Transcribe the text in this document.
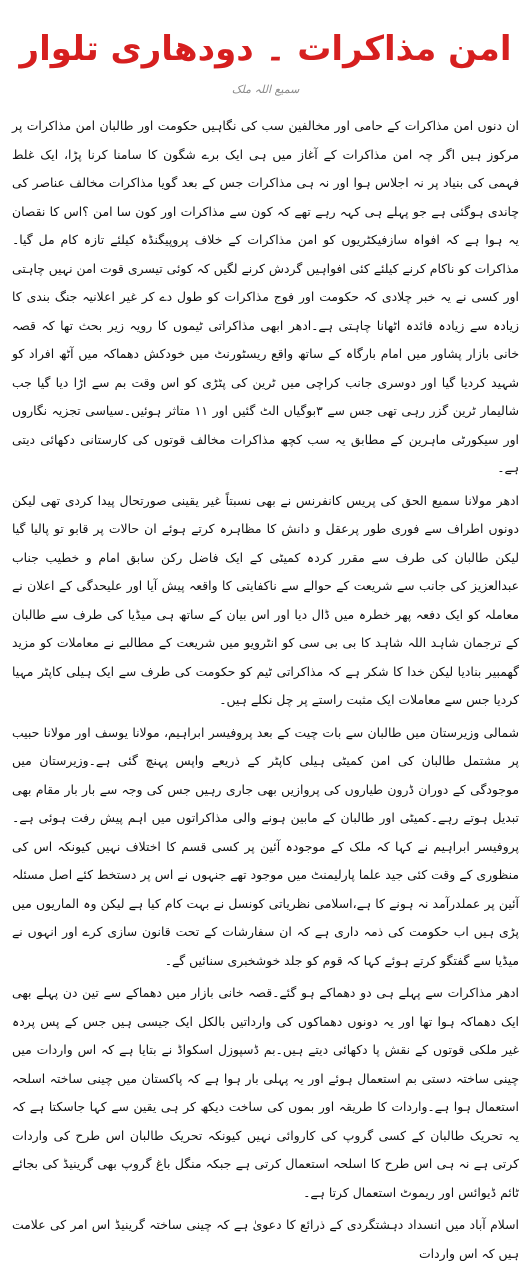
امن مذاکرات ۔ دودھاری تلوار
سمیع اللہ ملک

ان دنوں امن مذاکرات کے حامی اور مخالفین سب کی نگاہیں حکومت اور طالبان امن مذاکرات پر مرکوز ہیں اگر چہ امن مذاکرات کے آغاز میں ہی ایک برے شگون کا سامنا کرنا پڑا، ایک غلط فہمی کی بنیاد پر نہ اجلاس ہوا اور نہ ہی مذاکرات جس کے بعد گویا مذاکرات مخالف عناصر کی چاندی ہوگئی ہے جو پہلے ہی کہہ رہے تھے کہ کون سے مذاکرات اور کون سا امن ؟اس کا نقصان یہ ہوا ہے کہ افواہ سازفیکٹریوں کو امن مذاکرات کے خلاف پروپیگنڈہ کیلئے تازہ کام مل گیا۔مذاکرات کو ناکام کرنے کیلئے کئی افواہیں گردش کرنے لگیں کہ کوئی تیسری قوت امن نہیں چاہتی اور کسی نے یہ خبر چلادی کہ حکومت اور فوج مذاکرات کو طول دے کر غیر اعلانیہ جنگ بندی کا زیادہ سے زیادہ فائدہ اٹھانا چاہتی ہے۔ادھر ابھی مذاکراتی ٹیموں کا رویہ زیر بحث تھا کہ قصہ خانی بازار پشاور میں امام بارگاہ کے ساتھ واقع ریسٹورنٹ میں خودکش دھماکہ میں آٹھ افراد کو شہید کردیا گیا اور دوسری جانب کراچی میں ٹرین کی پٹڑی کو اس وقت بم سے اڑا دیا گیا جب شالیمار ٹرین گزر رہی تھی جس سے ۳بوگیاں الٹ گئیں اور ۱۱ متاثر ہوئیں۔سیاسی تجزیہ نگاروں اور سیکورٹی ماہرین کے مطابق یہ سب کچھ مذاکرات مخالف قوتوں کی کارستانی دکھائی دیتی ہے۔

ادھر مولانا سمیع الحق کی پریس کانفرنس نے بھی نسبتاً غیر یقینی صورتحال پیدا کردی تھی لیکن دونوں اطراف سے فوری طور پرعقل و دانش کا مظاہرہ کرتے ہوئے ان حالات پر قابو تو پالیا گیا لیکن طالبان کی طرف سے مقرر کردہ کمیٹی کے ایک فاضل رکن سابق امام و خطیب جناب عبدالعزیز کی جانب سے شریعت کے حوالے سے ناکفایتی کا واقعہ پیش آیا اور علیحدگی کے اعلان نے معاملہ کو ایک دفعہ پھر خطرہ میں ڈال دیا اور اس بیان کے ساتھ ہی میڈیا کی طرف سے طالبان کے ترجمان شاہد اللہ شاہد کا بی بی سی کو انٹرویو میں شریعت کے مطالبے نے معاملات کو مزید گھمبیر بنادیا لیکن خدا کا شکر ہے کہ مذاکراتی ٹیم کو حکومت کی طرف سے ایک ہیلی کاپٹر مہیا کردیا جس سے معاملات ایک مثبت راستے پر چل نکلے ہیں۔

شمالی وزیرستان میں طالبان سے بات چیت کے بعد پروفیسر ابراہیم، مولانا یوسف اور مولانا حبیب پر مشتمل طالبان کی امن کمیٹی ہیلی کاپٹر کے ذریعے واپس پہنچ گئی ہے۔وزیرستان میں موجودگی کے دوران ڈرون طیاروں کی پروازیں بھی جاری رہیں جس کی وجہ سے بار بار مقام بھی تبدیل ہوتے رہے۔کمیٹی اور طالبان کے مابین ہونے والی مذاکراتوں میں اہم پیش رفت ہوئی ہے۔پروفیسر ابراہیم نے کہا کہ ملک کے موجودہ آئین پر کسی قسم کا اختلاف نہیں کیونکہ اس کی منظوری کے وقت کئی جید علما پارلیمنٹ میں موجود تھے جنہوں نے اس پر دستخط کئے اصل مسئلہ آئین پر عملدرآمد نہ ہونے کا ہے،اسلامی نظریاتی کونسل نے بہت کام کیا ہے لیکن وہ الماریوں میں پڑی ہیں اب حکومت کی ذمہ داری ہے کہ ان سفارشات کے تحت قانون سازی کرے اور انہوں نے میڈیا سے گفتگو کرتے ہوئے کہا کہ قوم کو جلد خوشخبری سنائیں گے۔

ادھر مذاکرات سے پہلے ہی دو دھماکے ہو گئے۔قصہ خانی بازار میں دھماکے سے تین دن پہلے بھی ایک دھماکہ ہوا تھا اور یہ دونوں دھماکوں کی وارداتیں بالکل ایک جیسی ہیں جس کے پس پردہ غیر ملکی قوتوں کے نقش پا دکھائی دیتے ہیں۔بم ڈسپوزل اسکواڈ نے بتایا ہے کہ اس واردات میں چینی ساختہ دستی بم استعمال ہوئے اور یہ پہلی بار ہوا ہے کہ پاکستان میں چینی ساختہ اسلحہ استعمال ہوا ہے۔واردات کا طریقہ اور بموں کی ساخت دیکھ کر ہی یقین سے کہا جاسکتا ہے کہ یہ تحریک طالبان کے کسی گروپ کی کاروائی نہیں کیونکہ تحریک طالبان اس طرح کی واردات کرتی ہے نہ ہی اس طرح کا اسلحہ استعمال کرتی ہے جبکہ منگل باغ گروپ بھی گرینیڈ کی بجائے ٹائم ڈیوائس اور ریموٹ استعمال کرتا ہے۔

اسلام آباد میں انسداد دہشتگردی کے ذرائع کا دعویٰ ہے کہ چینی ساختہ گرینیڈ اس امر کی علامت ہیں کہ اس واردات
